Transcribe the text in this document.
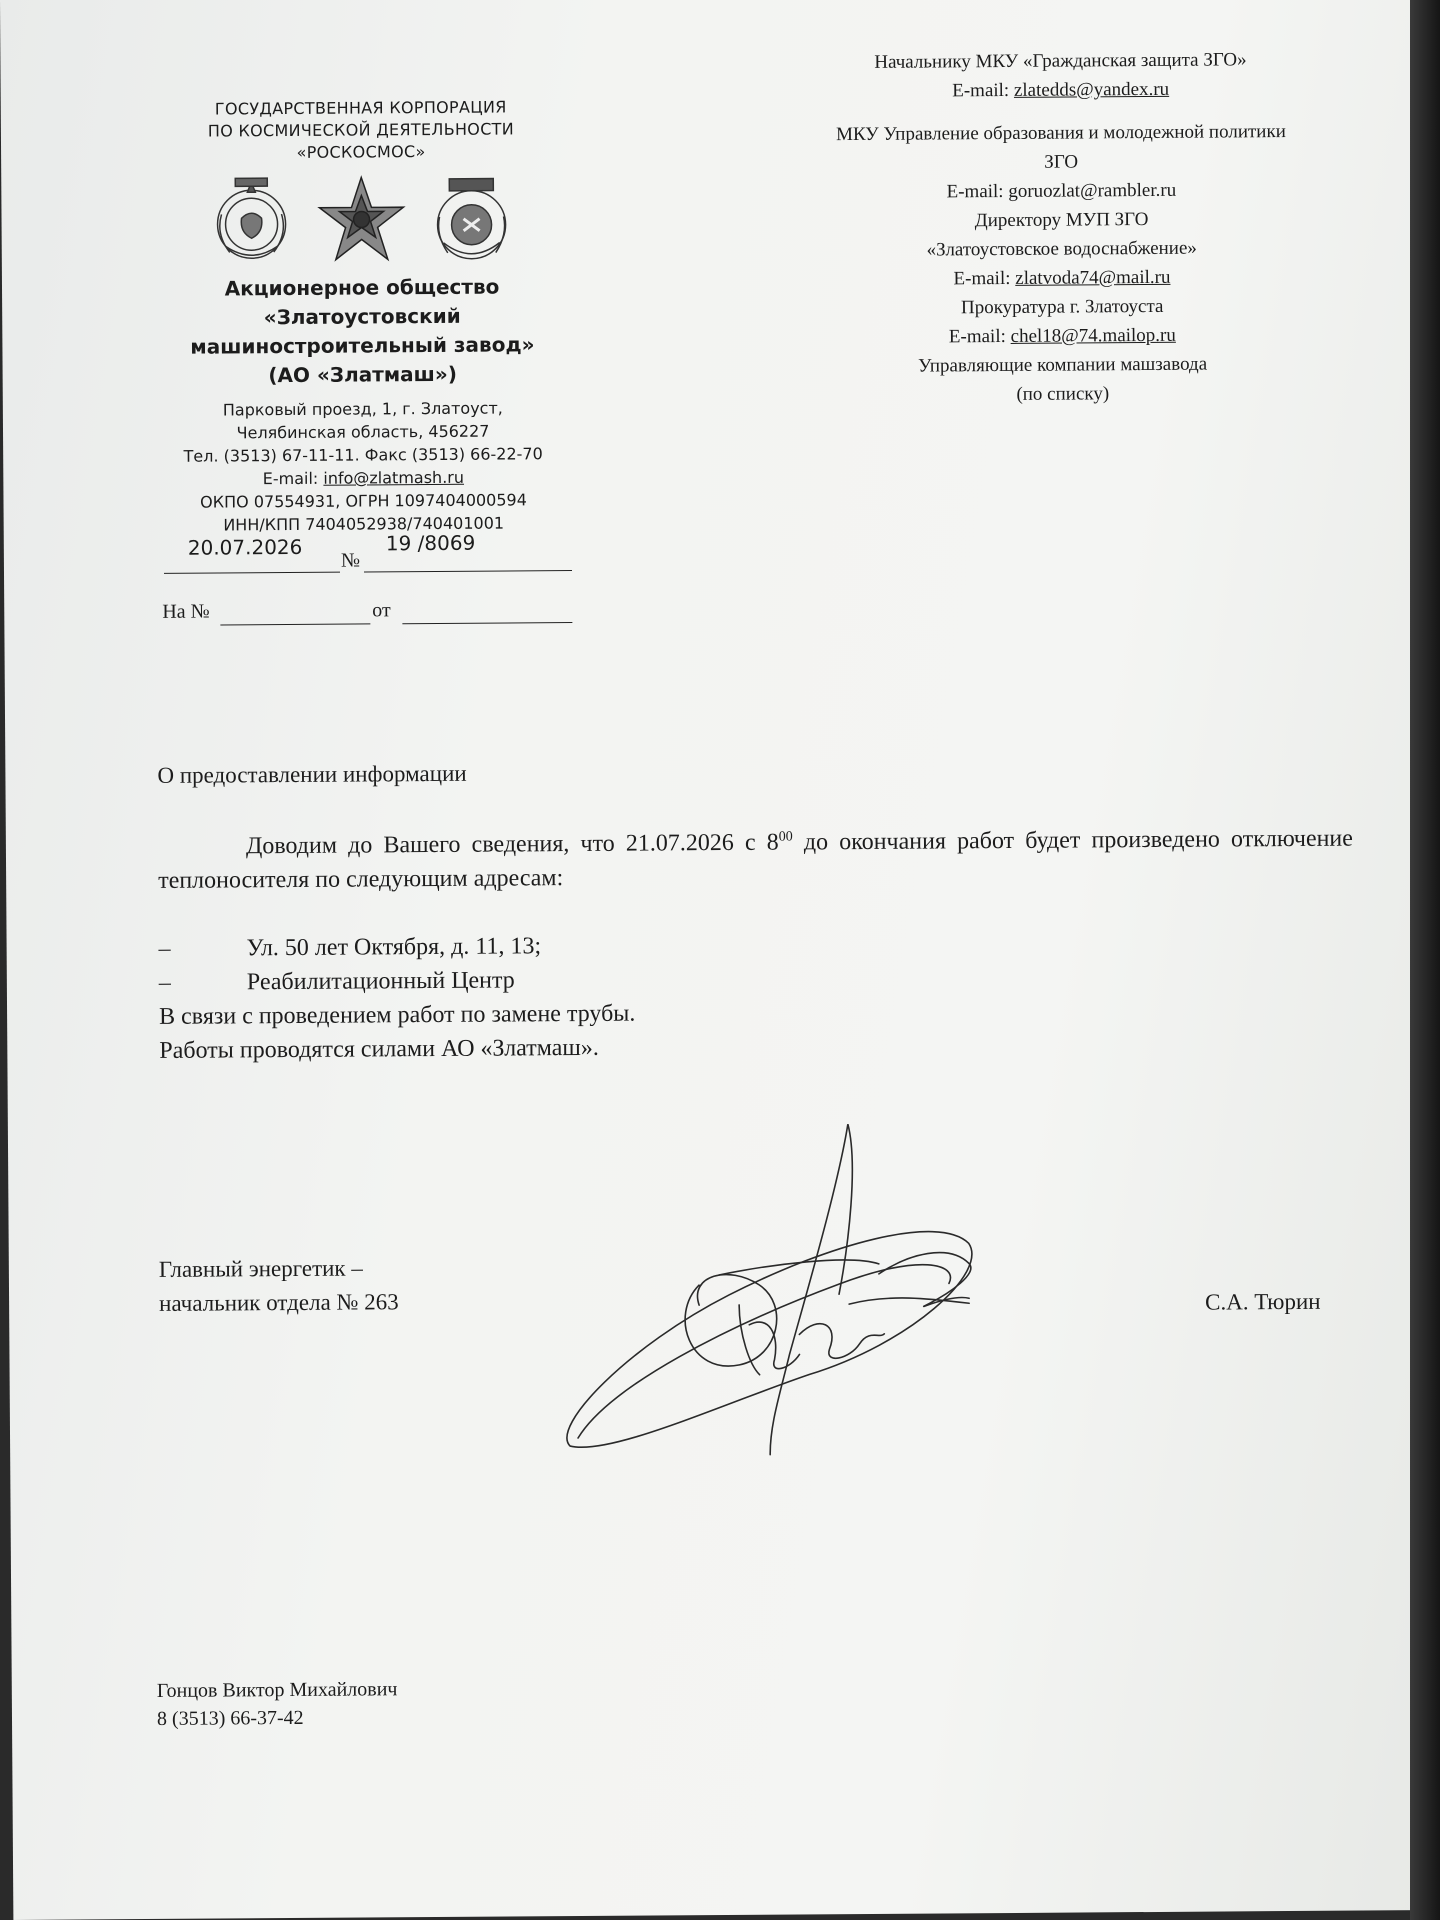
Начальнику МКУ «Гражданская защита ЗГО»
E-mail: zlatedds@yandex.ru
МКУ Управление образования и молодежной политики
ЗГО
E-mail: goruozlat@rambler.ru
Директору МУП ЗГО
«Златоустовское водоснабжение»
E-mail: zlatvoda74@mail.ru
Прокуратура г. Златоуста
E-mail: chel18@74.mailop.ru
Управляющие компании машзавода
(по списку)
ГОСУДАРСТВЕННАЯ КОРПОРАЦИЯ
ПО КОСМИЧЕСКОЙ ДЕЯТЕЛЬНОСТИ
«РОСКОСМОС»
Акционерное общество
«Златоустовский
машиностроительный завод»
(АО «Златмаш»)
Парковый проезд, 1, г. Златоуст,
Челябинская область, 456227
Тел. (3513) 67-11-11. Факс (3513) 66-22-70
E-mail: info@zlatmash.ru
ОКПО 07554931, ОГРН 1097404000594
ИНН/КПП 7404052938/740401001
20.07.2026
№
19 /8069
На №	от
О предоставлении информации
Доводим до Вашего сведения, что 21.07.2026 с $8^{00}$ до окончания работ будет произведено отключение теплоносителя по следующим адресам:
–	Ул. 50 лет Октября, д. 11, 13;
–	Реабилитационный Центр
В связи с проведением работ по замене трубы.
Работы проводятся силами АО «Златмаш».
Главный энергетик –
начальник отдела № 263	С.А. Тюрин
Гонцов Виктор Михайлович
8 (3513) 66-37-42
